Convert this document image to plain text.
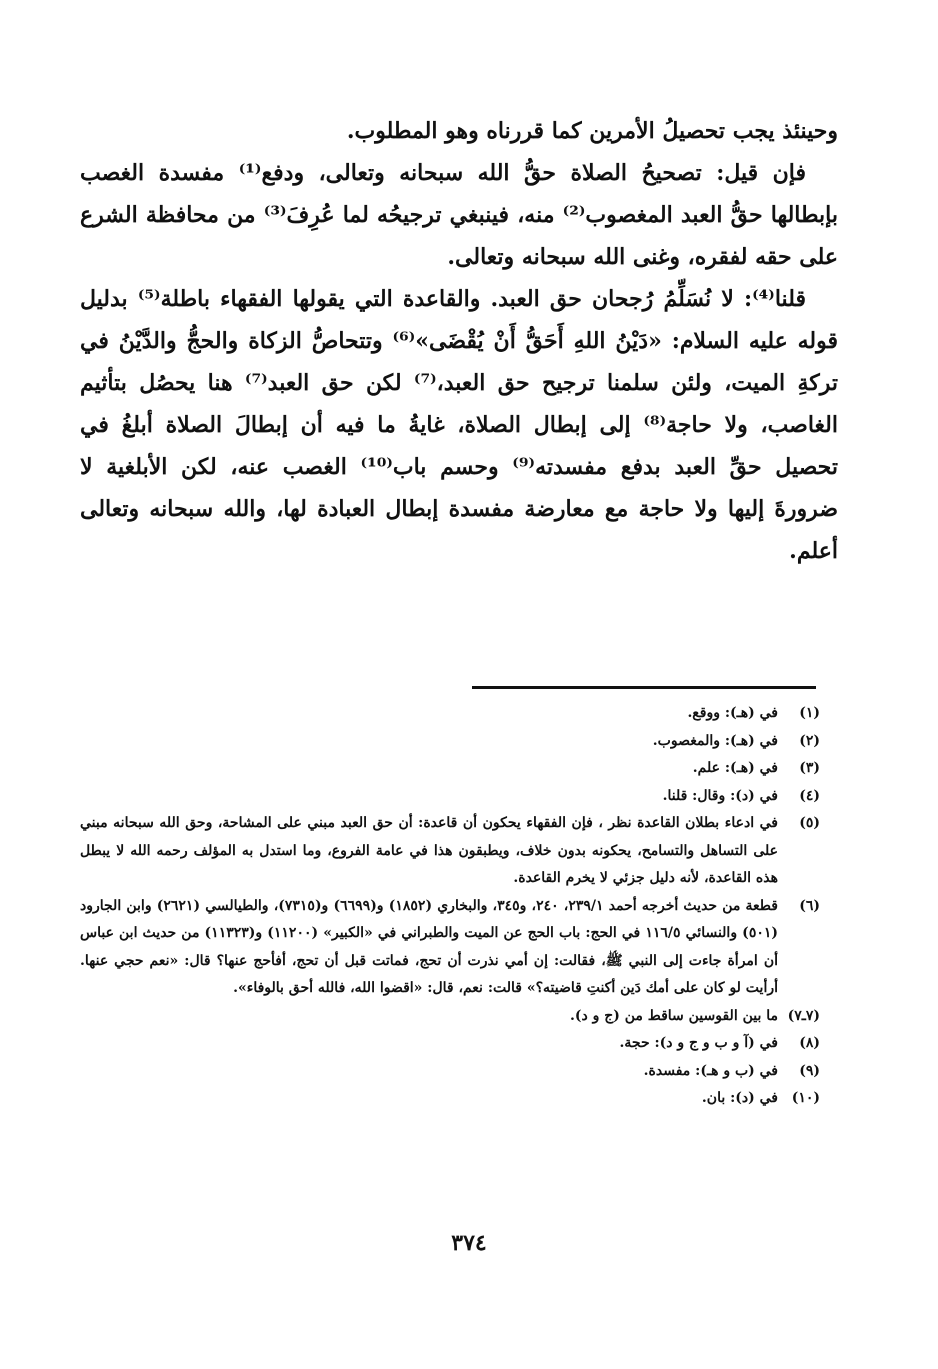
وحينئذ يجب تحصيلُ الأمرين كما قررناه وهو المطلوب.

فإن قيل: تصحيحُ الصلاة حقُّ الله سبحانه وتعالى، ودفع⁽¹⁾ مفسدة الغصب بإبطالها حقُّ العبد المغصوب⁽²⁾ منه، فينبغي ترجيحُه لما عُرِفَ⁽³⁾ من محافظة الشرع على حقه لفقره، وغنى الله سبحانه وتعالى.

قلنا⁽⁴⁾: لا نُسَلِّمُ رُجحان حق العبد. والقاعدة التي يقولها الفقهاء باطلة⁽⁵⁾ بدليل قوله عليه السلام: «دَيْنُ اللهِ أَحَقُّ أَنْ يُقْضَى»⁽⁶⁾ وتتحاصُّ الزكاة والحجُّ والدَّيْنُ في تركةِ الميت، ولئن سلمنا ترجيح حق العبد،⁽⁷⁾ لكن حق العبد⁽⁷⁾ هنا يحصُل بتأثيم الغاصب، ولا حاجة⁽⁸⁾ إلى إبطال الصلاة، غايةُ ما فيه أن إبطالَ الصلاة أبلغُ في تحصيل حقِّ العبد بدفع مفسدته⁽⁹⁾ وحسم باب⁽¹⁰⁾ الغصب عنه، لكن الأبلغية لا ضرورةَ إليها ولا حاجة مع معارضة مفسدة إبطال العبادة لها، والله سبحانه وتعالى أعلم.

(١)
في (هـ): ووقع.
(٢)
في (هـ): والمغصوب.
(٣)
في (هـ): علم.
(٤)
في (د): وقال: قلنا.
(٥)
في ادعاء بطلان القاعدة نظر ، فإن الفقهاء يحكون أن قاعدة: أن حق العبد مبني على المشاحة، وحق الله سبحانه مبني على التساهل والتسامح، يحكونه بدون خلاف، ويطبقون هذا في عامة الفروع، وما استدل به المؤلف رحمه الله لا يبطل هذه القاعدة، لأنه دليل جزئي لا يخرم القاعدة.
(٦)
قطعة من حديث أخرجه أحمد ٢٣٩/١، ٢٤٠، و٣٤٥، والبخاري (١٨٥٢) و(٦٦٩٩) و(٧٣١٥)، والطيالسي (٢٦٢١) وابن الجارود (٥٠١) والنسائي ١١٦/٥ في الحج: باب الحج عن الميت والطبراني في «الكبير» (١١٢٠٠) و(١١٣٢٣) من حديث ابن عباس أن امرأة جاءت إلى النبي ﷺ، فقالت: إن أمي نذرت أن تحج، فماتت قبل أن تحج، أفأحج عنها؟ قال: «نعم حجي عنها. أرأيت لو كان على أمك دَين أكنتِ قاضيته؟» قالت: نعم، قال: «اقضوا الله، فالله أحق بالوفاء».
(٧ـ٧)
ما بين القوسين ساقط من (ج و د).
(٨)
في (آ و ب و ج و د): حجة.
(٩)
في (ب و هـ): مفسدة.
(١٠)
في (د): بان.
٣٧٤
